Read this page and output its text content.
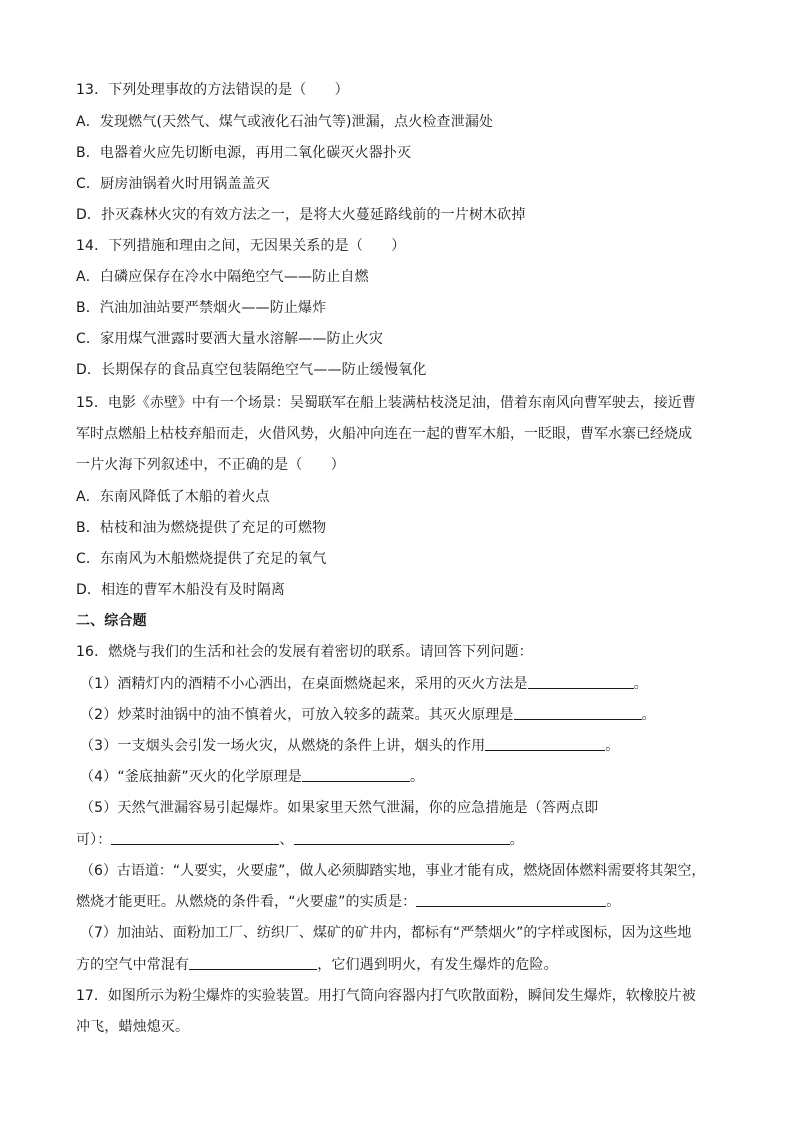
13．下列处理事故的方法错误的是（　　）
A．发现燃气(天然气、煤气或液化石油气等)泄漏，点火检查泄漏处
B．电器着火应先切断电源，再用二氧化碳灭火器扑灭
C．厨房油锅着火时用锅盖盖灭
D．扑灭森林火灾的有效方法之一，是将大火蔓延路线前的一片树木砍掉
14．下列措施和理由之间，无因果关系的是（　　）
A．白磷应保存在冷水中隔绝空气——防止自燃
B．汽油加油站要严禁烟火——防止爆炸
C．家用煤气泄露时要洒大量水溶解——防止火灾
D．长期保存的食品真空包装隔绝空气——防止缓慢氧化
15．电影《赤壁》中有一个场景：吴蜀联军在船上装满枯枝浇足油，借着东南风向曹军驶去，接近曹
军时点燃船上枯枝弃船而走，火借风势，火船冲向连在一起的曹军木船，一眨眼，曹军水寨已经烧成
一片火海下列叙述中，不正确的是（　　）
A．东南风降低了木船的着火点
B．枯枝和油为燃烧提供了充足的可燃物
C．东南风为木船燃烧提供了充足的氧气
D．相连的曹军木船没有及时隔离
二、综合题
16．燃烧与我们的生活和社会的发展有着密切的联系。请回答下列问题：
（1）酒精灯内的酒精不小心洒出，在桌面燃烧起来，采用的灭火方法是	。
（2）炒菜时油锅中的油不慎着火，可放入较多的蔬菜。其灭火原理是	。
（3）一支烟头会引发一场火灾，从燃烧的条件上讲，烟头的作用	。
（4）“釜底抽薪”灭火的化学原理是	。
（5）天然气泄漏容易引起爆炸。如果家里天然气泄漏，你的应急措施是（答两点即
可）：	、	。
（6）古语道：“人要实，火要虚”，做人必须脚踏实地，事业才能有成，燃烧固体燃料需要将其架空，
燃烧才能更旺。从燃烧的条件看，“火要虚”的实质是：	。
（7）加油站、面粉加工厂、纺织厂、煤矿的矿井内，都标有“严禁烟火”的字样或图标，因为这些地
方的空气中常混有	，它们遇到明火，有发生爆炸的危险。
17．如图所示为粉尘爆炸的实验装置。用打气筒向容器内打气吹散面粉，瞬间发生爆炸，软橡胶片被
冲飞，蜡烛熄灭。
